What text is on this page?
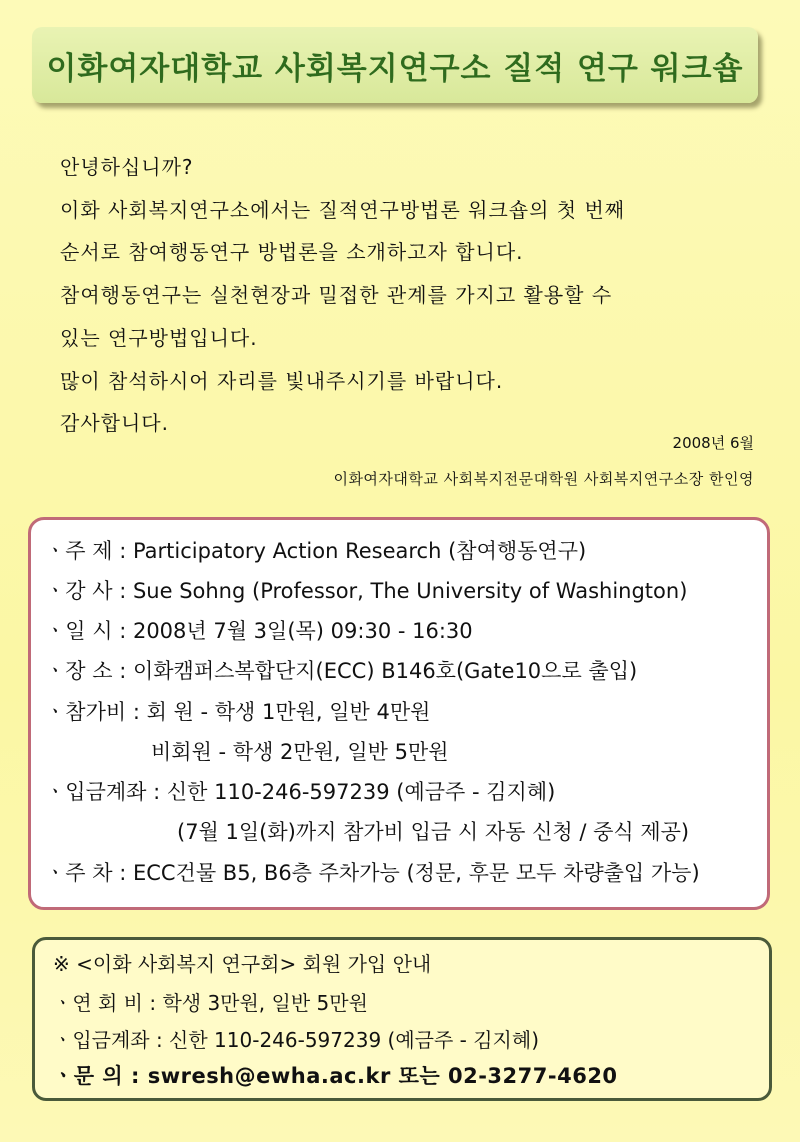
이화여자대학교 사회복지연구소 질적 연구 워크숍
안녕하십니까?
이화 사회복지연구소에서는 질적연구방법론 워크숍의 첫 번째
순서로 참여행동연구 방법론을 소개하고자 합니다.
참여행동연구는 실천현장과 밀접한 관계를 가지고 활용할 수
있는 연구방법입니다.
많이 참석하시어 자리를 빛내주시기를 바랍니다.
감사합니다.
2008년 6월
이화여자대학교 사회복지전문대학원 사회복지연구소장 한인영
ㆍ주 제 : Participatory Action Research (참여행동연구)
ㆍ강 사 : Sue Sohng (Professor, The University of Washington)
ㆍ일 시 : 2008년 7월 3일(목) 09:30 - 16:30
ㆍ장 소 : 이화캠퍼스복합단지(ECC) B146호(Gate10으로 출입)
ㆍ참가비 : 회 원 - 학생 1만원, 일반 4만원
비회원 - 학생 2만원, 일반 5만원
ㆍ입금계좌 : 신한 110-246-597239 (예금주 - 김지혜)
(7월 1일(화)까지 참가비 입금 시 자동 신청 / 중식 제공)
ㆍ주 차 : ECC건물 B5, B6층 주차가능 (정문, 후문 모두 차량출입 가능)
※ <이화 사회복지 연구회> 회원 가입 안내
ㆍ연 회 비 : 학생 3만원, 일반 5만원
ㆍ입금계좌 : 신한 110-246-597239 (예금주 - 김지혜)
ㆍ문 의 : swresh@ewha.ac.kr 또는 02-3277-4620
